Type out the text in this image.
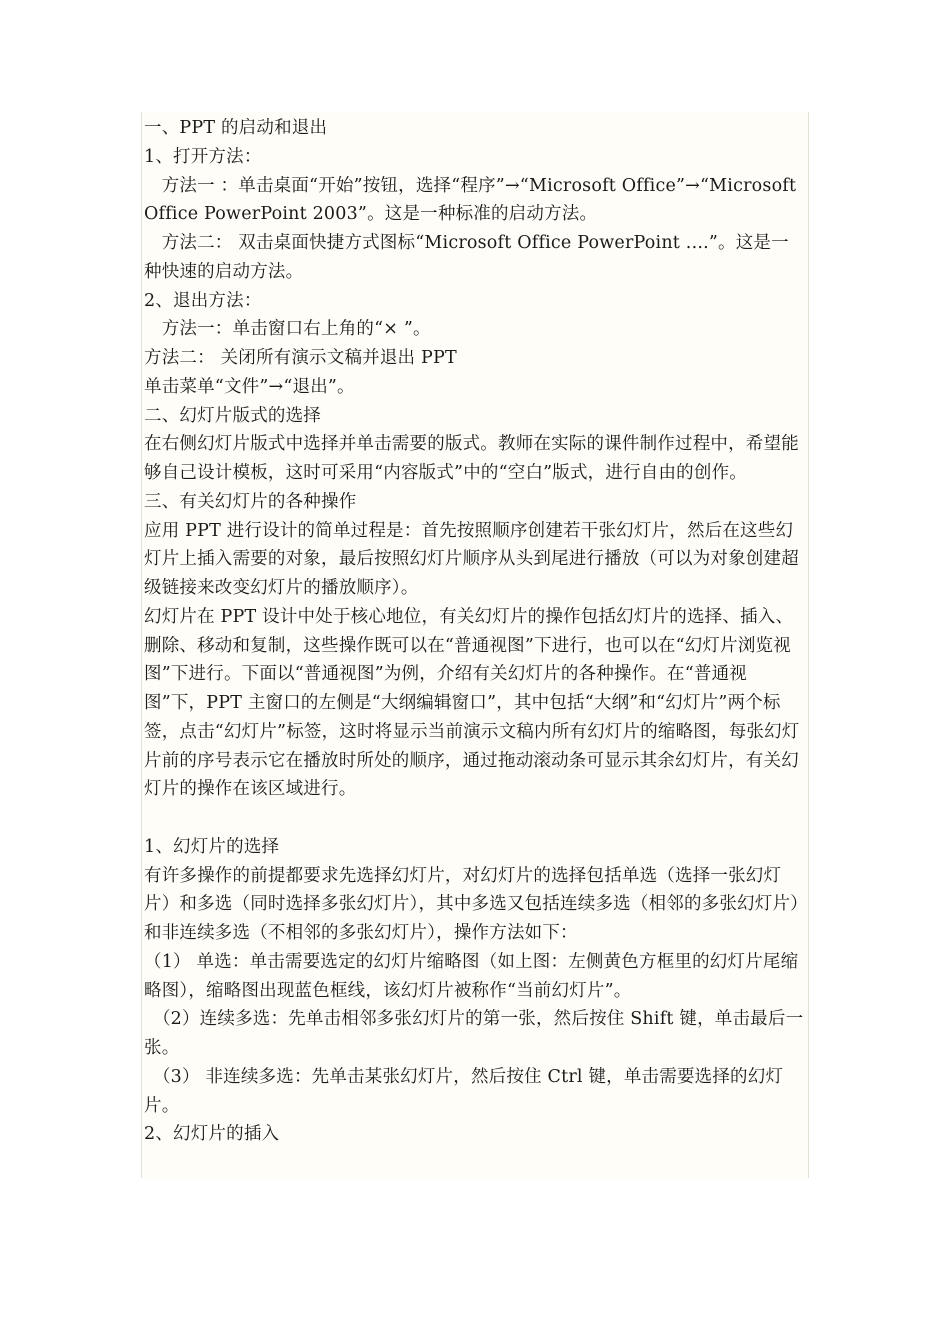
一、PPT 的启动和退出

1、打开方法：

　方法一 ：单击桌面“开始”按钮，选择“程序”→“Microsoft Office”→“Microsoft Office PowerPoint 2003”。这是一种标准的启动方法。

　方法二： 双击桌面快捷方式图标“Microsoft Office PowerPoint ....”。这是一种快速的启动方法。

2、退出方法：

　方法一：单击窗口右上角的“× ”。

方法二： 关闭所有演示文稿并退出 PPT

单击菜单“文件”→“退出”。

二、幻灯片版式的选择

在右侧幻灯片版式中选择并单击需要的版式。教师在实际的课件制作过程中，希望能够自己设计模板，这时可采用“内容版式”中的“空白”版式，进行自由的创作。

三、有关幻灯片的各种操作

应用 PPT 进行设计的简单过程是：首先按照顺序创建若干张幻灯片，然后在这些幻灯片上插入需要的对象，最后按照幻灯片顺序从头到尾进行播放（可以为对象创建超级链接来改变幻灯片的播放顺序）。

幻灯片在 PPT 设计中处于核心地位，有关幻灯片的操作包括幻灯片的选择、插入、删除、移动和复制，这些操作既可以在“普通视图”下进行，也可以在“幻灯片浏览视图”下进行。下面以“普通视图”为例，介绍有关幻灯片的各种操作。在“普通视图”下，PPT 主窗口的左侧是“大纲编辑窗口”，其中包括“大纲”和“幻灯片”两个标签，点击“幻灯片”标签，这时将显示当前演示文稿内所有幻灯片的缩略图，每张幻灯片前的序号表示它在播放时所处的顺序，通过拖动滚动条可显示其余幻灯片，有关幻灯片的操作在该区域进行。

1、幻灯片的选择

有许多操作的前提都要求先选择幻灯片，对幻灯片的选择包括单选（选择一张幻灯片）和多选（同时选择多张幻灯片），其中多选又包括连续多选（相邻的多张幻灯片）和非连续多选（不相邻的多张幻灯片），操作方法如下：

（1） 单选：单击需要选定的幻灯片缩略图（如上图：左侧黄色方框里的幻灯片尾缩略图），缩略图出现蓝色框线，该幻灯片被称作“当前幻灯片”。

　（2）连续多选：先单击相邻多张幻灯片的第一张，然后按住 Shift 键，单击最后一张。

　（3） 非连续多选：先单击某张幻灯片，然后按住 Ctrl 键，单击需要选择的幻灯片。

2、幻灯片的插入
